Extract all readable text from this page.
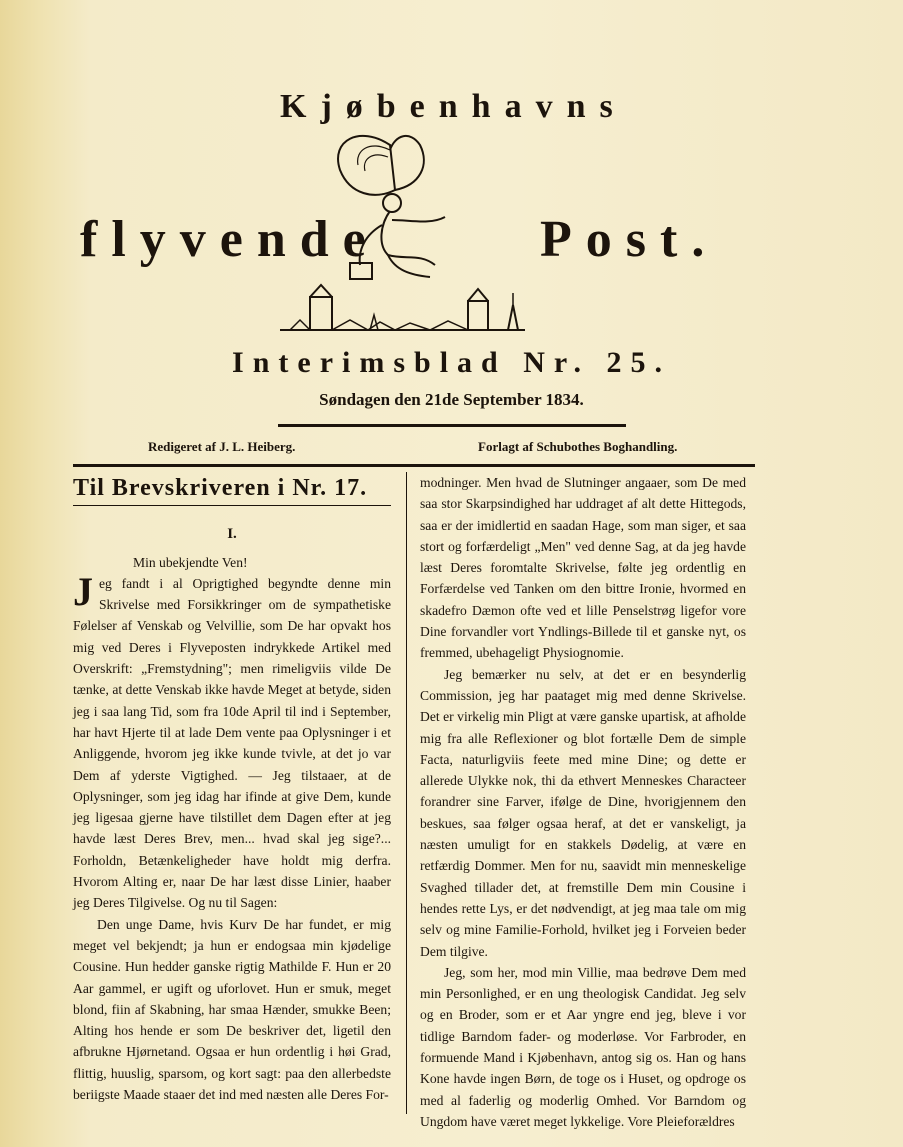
Kjøbenhavns
flyvende	Post.
Interimsblad Nr. 25.
Søndagen den 21de September 1834.
Redigeret af J. L. Heiberg.	Forlagt af Schubothes Boghandling.
Til Brevskriveren i Nr. 17.
I.

Min ubekjendte Ven!

Jeg fandt i al Oprigtighed begyndte denne min Skrivelse med Forsikkringer om de sympathetiske Følelser af Venskab og Velvillie, som De har opvakt hos mig ved Deres i Flyveposten indrykkede Artikel med Overskrift: „Fremstydning"; men rimeligviis vilde De tænke, at dette Venskab ikke havde Meget at betyde, siden jeg i saa lang Tid, som fra 10de April til ind i September, har havt Hjerte til at lade Dem vente paa Oplysninger i et Anliggende, hvorom jeg ikke kunde tvivle, at det jo var Dem af yderste Vigtighed. — Jeg tilstaaer, at de Oplysninger, som jeg idag har ifinde at give Dem, kunde jeg ligesaa gjerne have tilstillet dem Dagen efter at jeg havde læst Deres Brev, men... hvad skal jeg sige?... Forholdn, Betænkeligheder have holdt mig derfra. Hvorom Alting er, naar De har læst disse Linier, haaber jeg Deres Tilgivelse. Og nu til Sagen:

Den unge Dame, hvis Kurv De har fundet, er mig meget vel bekjendt; ja hun er endogsaa min kjødelige Cousine. Hun hedder ganske rigtig Mathilde F. Hun er 20 Aar gammel, er ugift og uforlovet. Hun er smuk, meget blond, fiin af Skabning, har smaa Hænder, smukke Been; Alting hos hende er som De beskriver det, ligetil den afbrukne Hjørnetand. Ogsaa er hun ordentlig i høi Grad, flittig, huuslig, sparsom, og kort sagt: paa den allerbedste beriigste Maade staaer det ind med næsten alle Deres For-

modninger. Men hvad de Slutninger angaaer, som De med saa stor Skarpsindighed har uddraget af alt dette Hittegods, saa er der imidlertid en saadan Hage, som man siger, et saa stort og forfærdeligt „Men" ved denne Sag, at da jeg havde læst Deres foromtalte Skrivelse, følte jeg ordentlig en Forfærdelse ved Tanken om den bittre Ironie, hvormed en skadefro Dæmon ofte ved et lille Penselstrøg ligefor vore Dine forvandler vort Yndlings-Billede til et ganske nyt, os fremmed, ubehageligt Physiognomie.

Jeg bemærker nu selv, at det er en besynderlig Commission, jeg har paataget mig med denne Skrivelse. Det er virkelig min Pligt at være ganske upartisk, at afholde mig fra alle Reflexioner og blot fortælle Dem de simple Facta, naturligviis feete med mine Dine; og dette er allerede Ulykke nok, thi da ethvert Menneskes Characteer forandrer sine Farver, ifølge de Dine, hvorigjennem den beskues, saa følger ogsaa heraf, at det er vanskeligt, ja næsten umuligt for en stakkels Dødelig, at være en retfærdig Dommer. Men for nu, saavidt min menneskelige Svaghed tillader det, at fremstille Dem min Cousine i hendes rette Lys, er det nødvendigt, at jeg maa tale om mig selv og mine Familie-Forhold, hvilket jeg i Forveien beder Dem tilgive.

Jeg, som her, mod min Villie, maa bedrøve Dem med min Personlighed, er en ung theologisk Candidat. Jeg selv og en Broder, som er et Aar yngre end jeg, bleve i vor tidlige Barndom fader- og moderløse. Vor Farbroder, en formuende Mand i Kjøbenhavn, antog sig os. Han og hans Kone havde ingen Børn, de toge os i Huset, og opdroge os med al faderlig og moderlig Omhed. Vor Barndom og Ungdom have været meget lykkelige. Vore Pleieforældres
